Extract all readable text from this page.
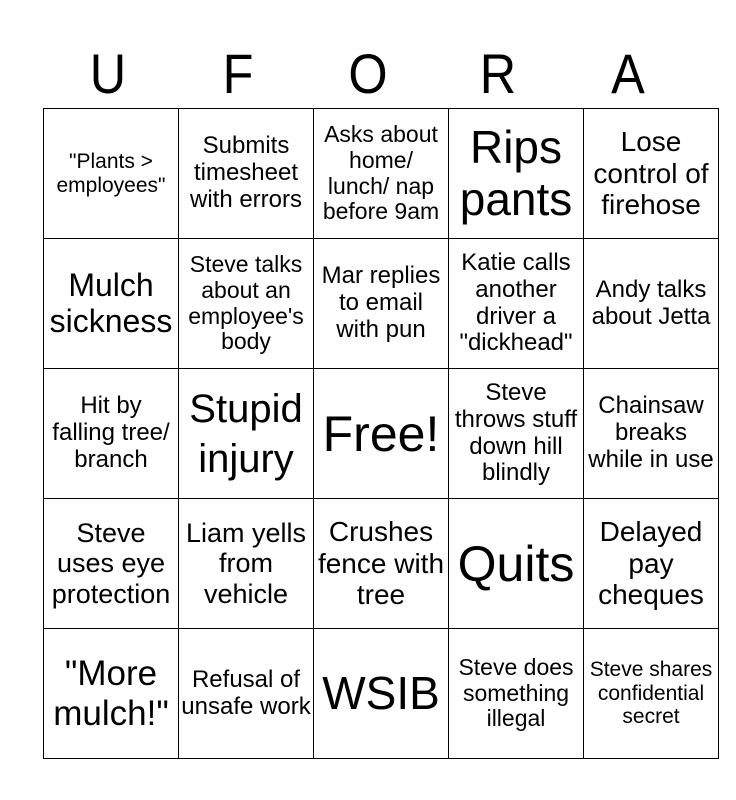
U	F	O	R	A
"Plants > employees"	Submits timesheet with errors	Asks about home/ lunch/ nap before 9am	Rips pants	Lose control of firehose
Mulch sickness	Steve talks about an employee's body	Mar replies to email with pun	Katie calls another driver a "dickhead"	Andy talks about Jetta
Hit by falling tree/ branch	Stupid injury	Free!	Steve throws stuff down hill blindly	Chainsaw breaks while in use
Steve uses eye protection	Liam yells from vehicle	Crushes fence with tree	Quits	Delayed pay cheques
"More mulch!"	Refusal of unsafe work	WSIB	Steve does something illegal	Steve shares confidential secret
